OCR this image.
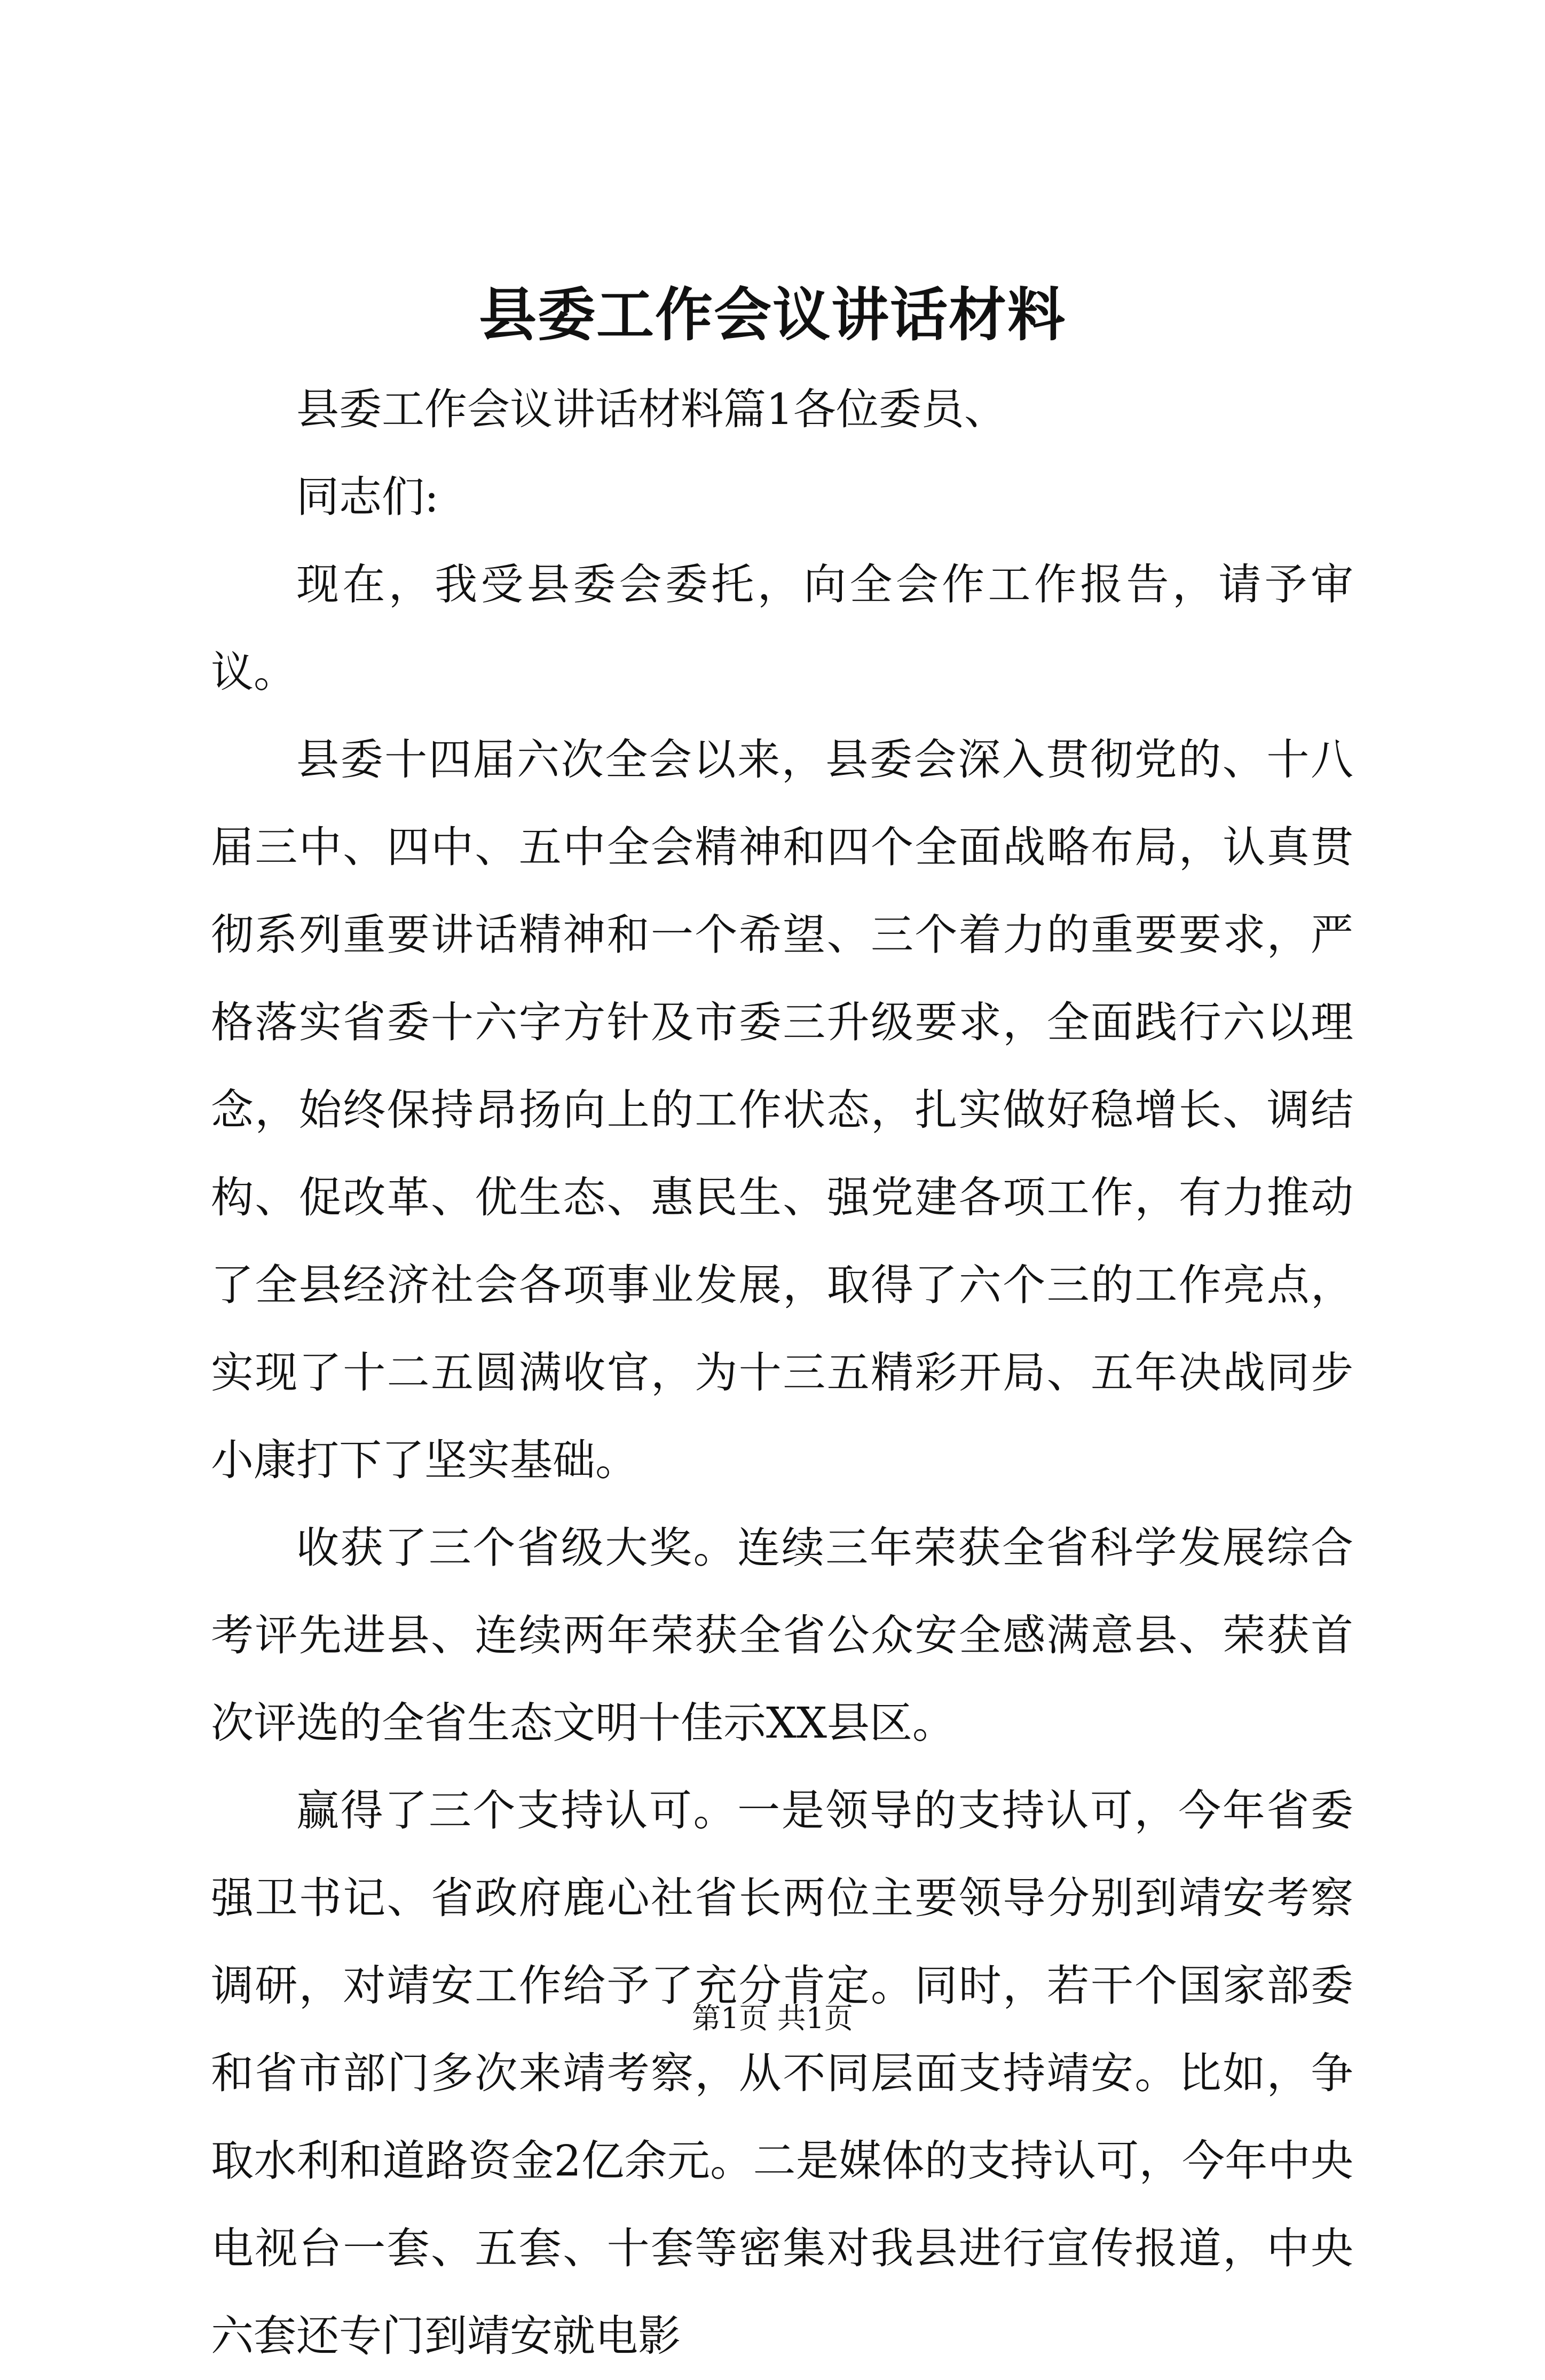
县委工作会议讲话材料

县委工作会议讲话材料篇1各位委员、

同志们:

现在，我受县委会委托，向全会作工作报告，请予审议。

县委十四届六次全会以来，县委会深入贯彻党的、十八届三中、四中、五中全会精神和四个全面战略布局，认真贯彻系列重要讲话精神和一个希望、三个着力的重要要求，严格落实省委十六字方针及市委三升级要求，全面践行六以理念，始终保持昂扬向上的工作状态，扎实做好稳增长、调结构、促改革、优生态、惠民生、强党建各项工作，有力推动了全县经济社会各项事业发展，取得了六个三的工作亮点，实现了十二五圆满收官，为十三五精彩开局、五年决战同步小康打下了坚实基础。

收获了三个省级大奖。连续三年荣获全省科学发展综合考评先进县、连续两年荣获全省公众安全感满意县、荣获首次评选的全省生态文明十佳示XX县区。

赢得了三个支持认可。一是领导的支持认可，今年省委强卫书记、省政府鹿心社省长两位主要领导分别到靖安考察调研，对靖安工作给予了充分肯定。同时，若干个国家部委和省市部门多次来靖考察，从不同层面支持靖安。比如，争取水利和道路资金2亿余元。二是媒体的支持认可，今年中央电视台一套、五套、十套等密集对我县进行宣传报道，中央六套还专门到靖安就电影

第1页 共1页
